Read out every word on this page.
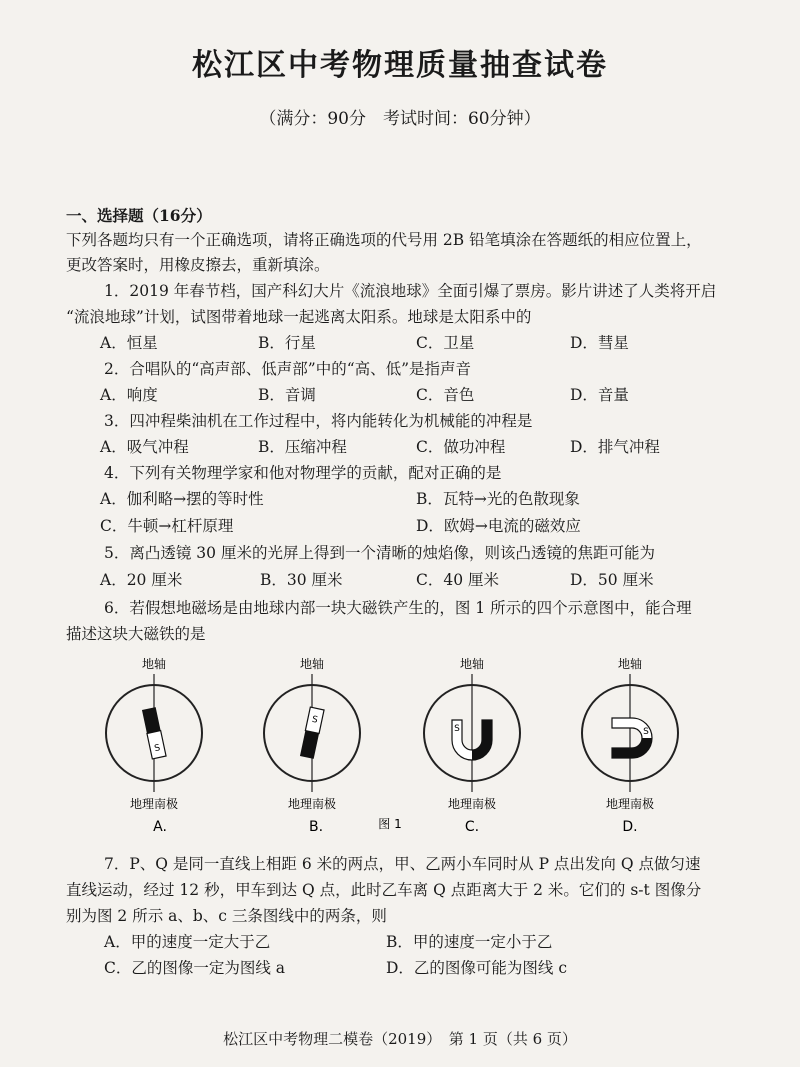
松江区中考物理质量抽查试卷
（满分：90分　考试时间：60分钟）
一、选择题（16分）
下列各题均只有一个正确选项，请将正确选项的代号用 2B 铅笔填涂在答题纸的相应位置上，
更改答案时，用橡皮擦去，重新填涂。
1．2019 年春节档，国产科幻大片《流浪地球》全面引爆了票房。影片讲述了人类将开启
“流浪地球”计划，试图带着地球一起逃离太阳系。地球是太阳系中的
A．恒星	B．行星	C．卫星	D．彗星
2．合唱队的“高声部、低声部”中的“高、低”是指声音
A．响度	B．音调	C．音色	D．音量
3．四冲程柴油机在工作过程中，将内能转化为机械能的冲程是
A．吸气冲程	B．压缩冲程	C．做功冲程	D．排气冲程
4．下列有关物理学家和他对物理学的贡献，配对正确的是
A．伽利略→摆的等时性	B．瓦特→光的色散现象
C．牛顿→杠杆原理	D．欧姆→电流的磁效应
5．离凸透镜 30 厘米的光屏上得到一个清晰的烛焰像，则该凸透镜的焦距可能为
A．20 厘米	B．30 厘米	C．40 厘米	D．50 厘米
6．若假想地磁场是由地球内部一块大磁铁产生的，图 1 所示的四个示意图中，能合理
描述这块大磁铁的是
地轴
S
地理南极
A.
地轴
S
地理南极
B.	图 1
地轴
S
地理南极
C.
地轴
S
地理南极
D.
7．P、Q 是同一直线上相距 6 米的两点，甲、乙两小车同时从 P 点出发向 Q 点做匀速
直线运动，经过 12 秒，甲车到达 Q 点，此时乙车离 Q 点距离大于 2 米。它们的 s-t 图像分
别为图 2 所示 a、b、c 三条图线中的两条，则
A．甲的速度一定大于乙	B．甲的速度一定小于乙
C．乙的图像一定为图线 a	D．乙的图像可能为图线 c
松江区中考物理二模卷（2019）　第 1 页（共 6 页）
